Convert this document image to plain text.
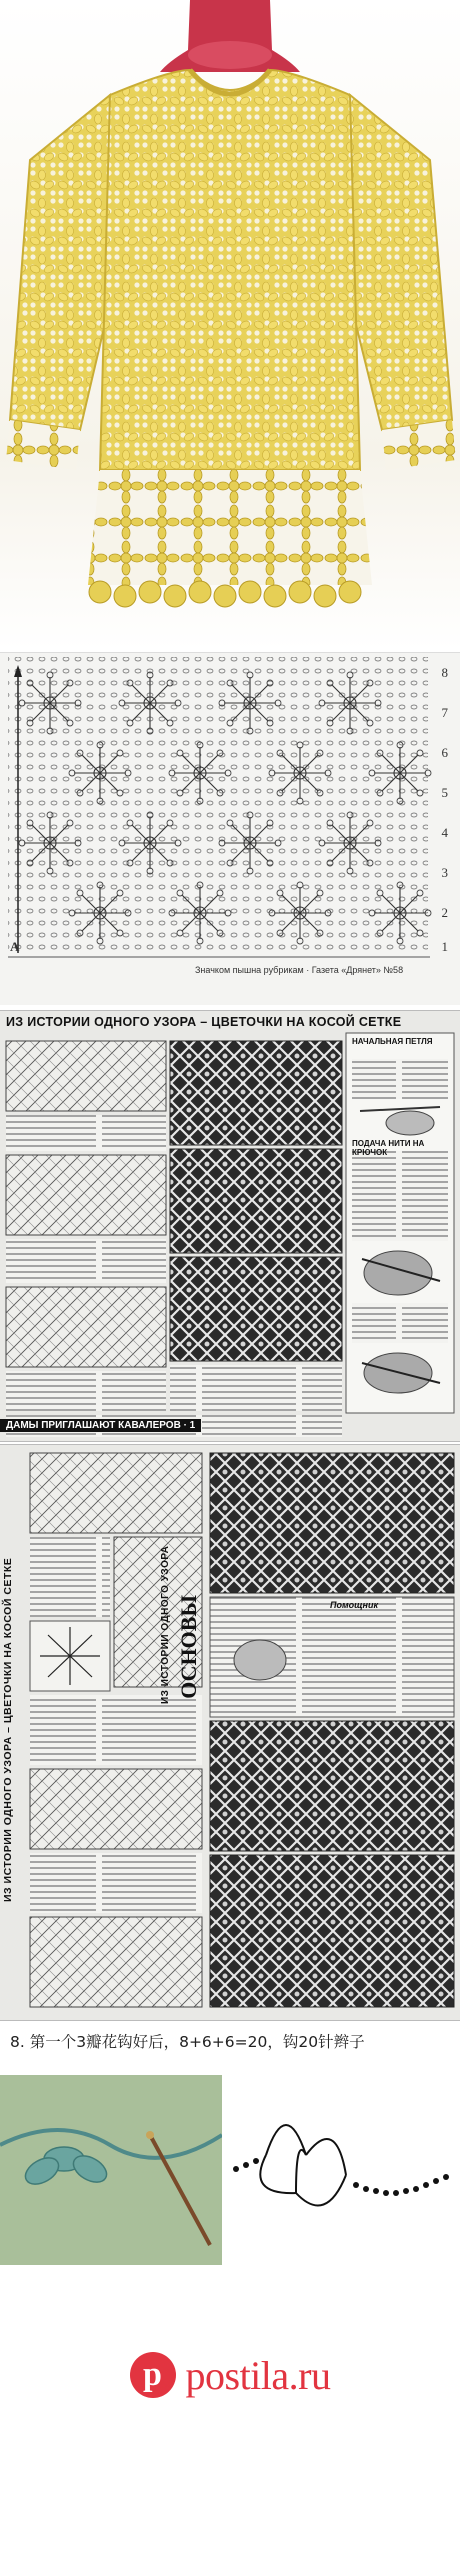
8
7
6
5
4
3
2
1
A
Значком пышна рубрикам · Газета «Дрянет» №58
ИЗ ИСТОРИИ ОДНОГО УЗОРА – ЦВЕТОЧКИ НА КОСОЙ СЕТКЕ
НАЧАЛЬНАЯ ПЕТЛЯ
ПОДАЧА НИТИ НА КРЮЧОК
ДАМЫ ПРИГЛАШАЮТ КАВАЛЕРОВ · 1
ИЗ ИСТОРИИ ОДНОГО УЗОРА – ЦВЕТОЧКИ НА КОСОЙ СЕТКЕ	ИЗ ИСТОРИИ ОДНОГО УЗОРА ОСНОВЫ	Помощник
8. 第一个3瓣花钩好后，8+6+6=20，钩20针辫子
p postila.ru
